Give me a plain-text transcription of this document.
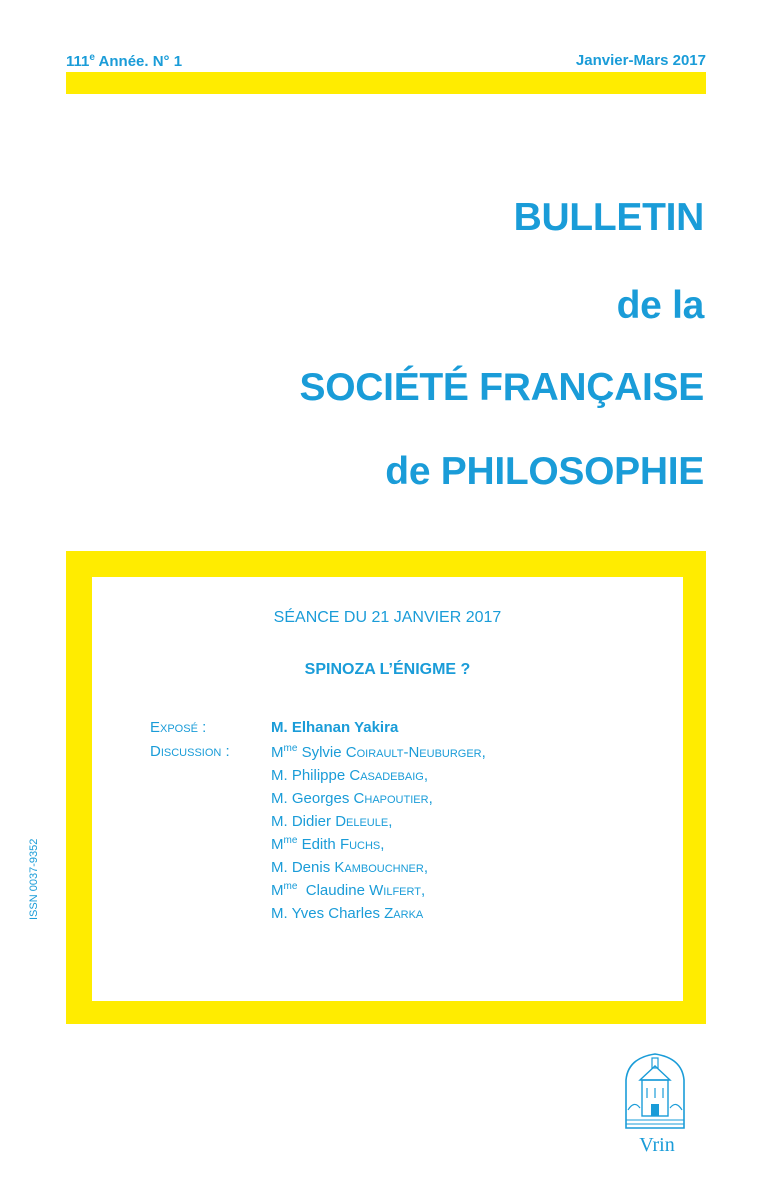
111e Année. N° 1	Janvier-Mars 2017
BULLETIN
de la
SOCIÉTÉ FRANÇAISE
de PHILOSOPHIE
ISSN 0037-9352
SÉANCE DU 21 JANVIER 2017
SPINOZA L’ÉNIGME ?
Exposé :	M. Elhanan Yakira
Discussion :	$M^{me}$ Sylvie Coirault-Neuburger,
M. Philippe Casadebaig,
M. Georges Chapoutier,
M. Didier Deleule,
$M^{me}$ Edith Fuchs,
M. Denis Kambouchner,
$M^{me}$  Claudine Wilfert,
M. Yves Charles Zarka
Vrin
